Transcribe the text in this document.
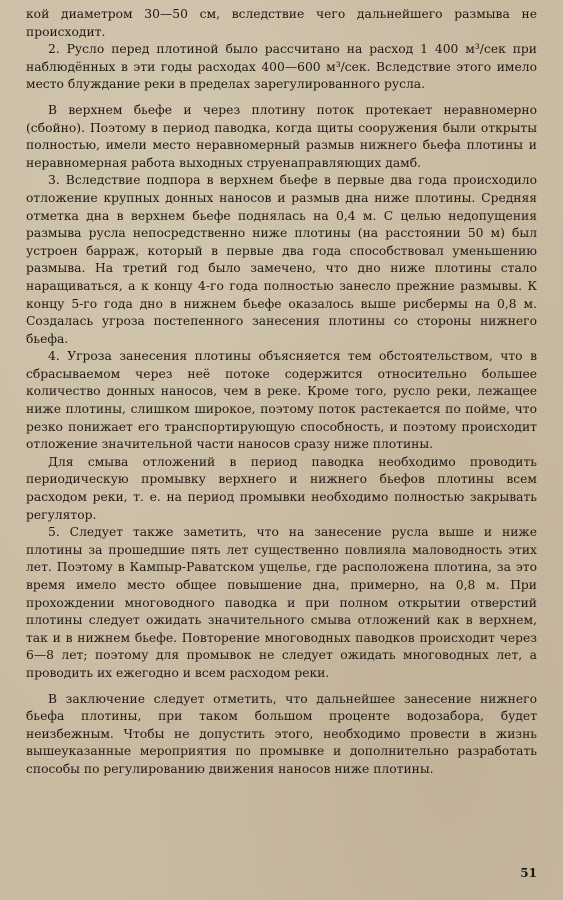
кой диаметром 30—50 см, вследствие чего дальнейшего размыва не происходит.

2. Русло перед плотиной было рассчитано на расход 1 400 м³/сек при наблюдённых в эти годы расходах 400—600 м³/сек. Вследствие этого имело место блуждание реки в пределах зарегулированного русла.

В верхнем бьефе и через плотину поток протекает неравномерно (сбойно). Поэтому в период паводка, когда щиты сооружения были открыты полностью, имели место неравномерный размыв нижнего бьефа плотины и неравномерная работа выходных струенаправляющих дамб.

3. Вследствие подпора в верхнем бьефе в первые два года происходило отложение крупных донных наносов и размыв дна ниже плотины. Средняя отметка дна в верхнем бьефе поднялась на 0,4 м. С целью недопущения размыва русла непосредственно ниже плотины (на расстоянии 50 м) был устроен барраж, который в первые два года способствовал уменьшению размыва. На третий год было замечено, что дно ниже плотины стало наращиваться, а к концу 4-го года полностью занесло прежние размывы. К концу 5-го года дно в нижнем бьефе оказалось выше рисбермы на 0,8 м. Создалась угроза постепенного занесения плотины со стороны нижнего бьефа.

4. Угроза занесения плотины объясняется тем обстоятельством, что в сбрасываемом через неё потоке содержится относительно большее количество донных наносов, чем в реке. Кроме того, русло реки, лежащее ниже плотины, слишком широкое, поэтому поток растекается по пойме, что резко понижает его транспортирующую способность, и поэтому происходит отложение значительной части наносов сразу ниже плотины.

Для смыва отложений в период паводка необходимо проводить периодическую промывку верхнего и нижнего бьефов плотины всем расходом реки, т. е. на период промывки необходимо полностью закрывать регулятор.

5. Следует также заметить, что на занесение русла выше и ниже плотины за прошедшие пять лет существенно повлияла маловодность этих лет. Поэтому в Кампыр-Раватском ущелье, где расположена плотина, за это время имело место общее повышение дна, примерно, на 0,8 м. При прохождении многоводного паводка и при полном открытии отверстий плотины следует ожидать значительного смыва отложений как в верхнем, так и в нижнем бьефе. Повторение многоводных паводков происходит через 6—8 лет; поэтому для промывок не следует ожидать многоводных лет, а проводить их ежегодно и всем расходом реки.

В заключение следует отметить, что дальнейшее занесение нижнего бьефа плотины, при таком большом проценте водозабора, будет неизбежным. Чтобы не допустить этого, необходимо провести в жизнь вышеуказанные мероприятия по промывке и дополнительно разработать способы по регулированию движения наносов ниже плотины.

51
